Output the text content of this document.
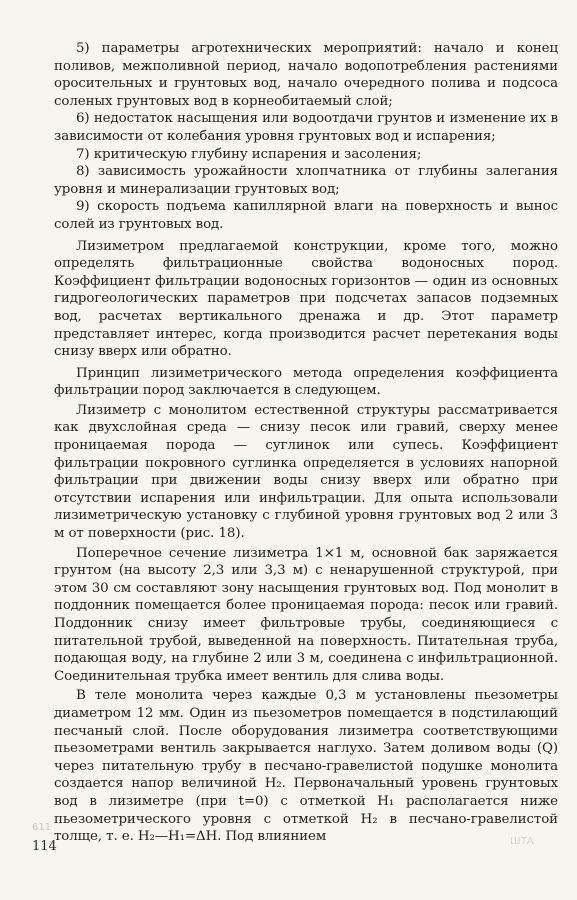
5) параметры агротехнических мероприятий: начало и конец поливов, межполивной период, начало водопотребления растениями оросительных и грунтовых вод, начало очередного полива и подсоса соленых грунтовых вод в корнеобитаемый слой;

6) недостаток насыщения или водоотдачи грунтов и изменение их в зависимости от колебания уровня грунтовых вод и испарения;

7) критическую глубину испарения и засоления;

8) зависимость урожайности хлопчатника от глубины залегания уровня и минерализации грунтовых вод;

9) скорость подъема капиллярной влаги на поверхность и вынос солей из грунтовых вод.

Лизиметром предлагаемой конструкции, кроме того, можно определять фильтрационные свойства водоносных пород. Коэффициент фильтрации водоносных горизонтов — один из основных гидрогеологических параметров при подсчетах запасов подземных вод, расчетах вертикального дренажа и др. Этот параметр представляет интерес, когда производится расчет перетекания воды снизу вверх или обратно.

Принцип лизиметрического метода определения коэффициента фильтрации пород заключается в следующем.

Лизиметр с монолитом естественной структуры рассматривается как двухслойная среда — снизу песок или гравий, сверху менее проницаемая порода — суглинок или супесь. Коэффициент фильтрации покровного суглинка определяется в условиях напорной фильтрации при движении воды снизу вверх или обратно при отсутствии испарения или инфильтрации. Для опыта использовали лизиметрическую установку с глубиной уровня грунтовых вод 2 или 3 м от поверхности (рис. 18).

Поперечное сечение лизиметра 1×1 м, основной бак заряжается грунтом (на высоту 2,3 или 3,3 м) с ненарушенной структурой, при этом 30 см составляют зону насыщения грунтовых вод. Под монолит в поддонник помещается более проницаемая порода: песок или гравий. Поддонник снизу имеет фильтровые трубы, соединяющиеся с питательной трубой, выведенной на поверхность. Питательная труба, подающая воду, на глубине 2 или 3 м, соединена с инфильтрационной. Соединительная трубка имеет вентиль для слива воды.

В теле монолита через каждые 0,3 м установлены пьезометры диаметром 12 мм. Один из пьезометров помещается в подстилающий песчаный слой. После оборудования лизиметра соответствующими пьезометрами вентиль закрывается наглухо. Затем доливом воды (Q) через питательную трубу в песчано-гравелистой подушке монолита создается напор величиной H₂. Первоначальный уровень грунтовых вод в лизиметре (при t=0) с отметкой H₁ располагается ниже пьезометрического уровня с отметкой H₂ в песчано-гравелистой толще, т. е. H₂—H₁=ΔH. Под влиянием

611
114	ШТА
